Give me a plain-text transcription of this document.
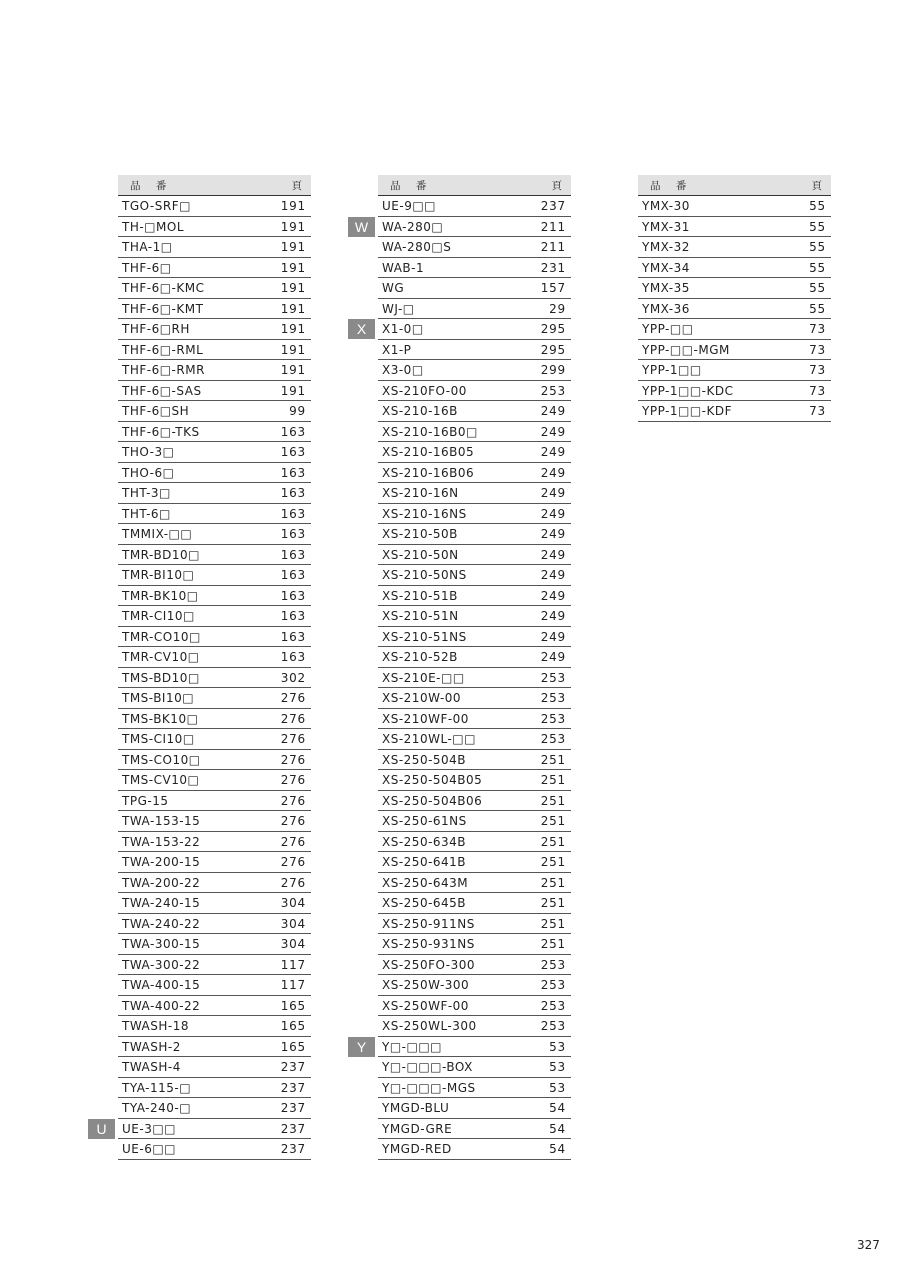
品 番	頁
TGO-SRF□	191
TH-□MOL	191
THA-1□	191
THF-6□	191
THF-6□-KMC	191
THF-6□-KMT	191
THF-6□RH	191
THF-6□-RML	191
THF-6□-RMR	191
THF-6□-SAS	191
THF-6□SH	99
THF-6□-TKS	163
THO-3□	163
THO-6□	163
THT-3□	163
THT-6□	163
TMMIX-□□	163
TMR-BD10□	163
TMR-BI10□	163
TMR-BK10□	163
TMR-CI10□	163
TMR-CO10□	163
TMR-CV10□	163
TMS-BD10□	302
TMS-BI10□	276
TMS-BK10□	276
TMS-CI10□	276
TMS-CO10□	276
TMS-CV10□	276
TPG-15	276
TWA-153-15	276
TWA-153-22	276
TWA-200-15	276
TWA-200-22	276
TWA-240-15	304
TWA-240-22	304
TWA-300-15	304
TWA-300-22	117
TWA-400-15	117
TWA-400-22	165
TWASH-18	165
TWASH-2	165
TWASH-4	237
TYA-115-□	237
TYA-240-□	237
U	UE-3□□	237
UE-6□□	237
品 番	頁
UE-9□□	237
W	WA-280□	211
WA-280□S	211
WAB-1	231
WG	157
WJ-□	29
X	X1-0□	295
X1-P	295
X3-0□	299
XS-210FO-00	253
XS-210-16B	249
XS-210-16B0□	249
XS-210-16B05	249
XS-210-16B06	249
XS-210-16N	249
XS-210-16NS	249
XS-210-50B	249
XS-210-50N	249
XS-210-50NS	249
XS-210-51B	249
XS-210-51N	249
XS-210-51NS	249
XS-210-52B	249
XS-210E-□□	253
XS-210W-00	253
XS-210WF-00	253
XS-210WL-□□	253
XS-250-504B	251
XS-250-504B05	251
XS-250-504B06	251
XS-250-61NS	251
XS-250-634B	251
XS-250-641B	251
XS-250-643M	251
XS-250-645B	251
XS-250-911NS	251
XS-250-931NS	251
XS-250FO-300	253
XS-250W-300	253
XS-250WF-00	253
XS-250WL-300	253
Y	Y□-□□□	53
Y□-□□□-BOX	53
Y□-□□□-MGS	53
YMGD-BLU	54
YMGD-GRE	54
YMGD-RED	54
品 番	頁
YMX-30	55
YMX-31	55
YMX-32	55
YMX-34	55
YMX-35	55
YMX-36	55
YPP-□□	73
YPP-□□-MGM	73
YPP-1□□	73
YPP-1□□-KDC	73
YPP-1□□-KDF	73
327
